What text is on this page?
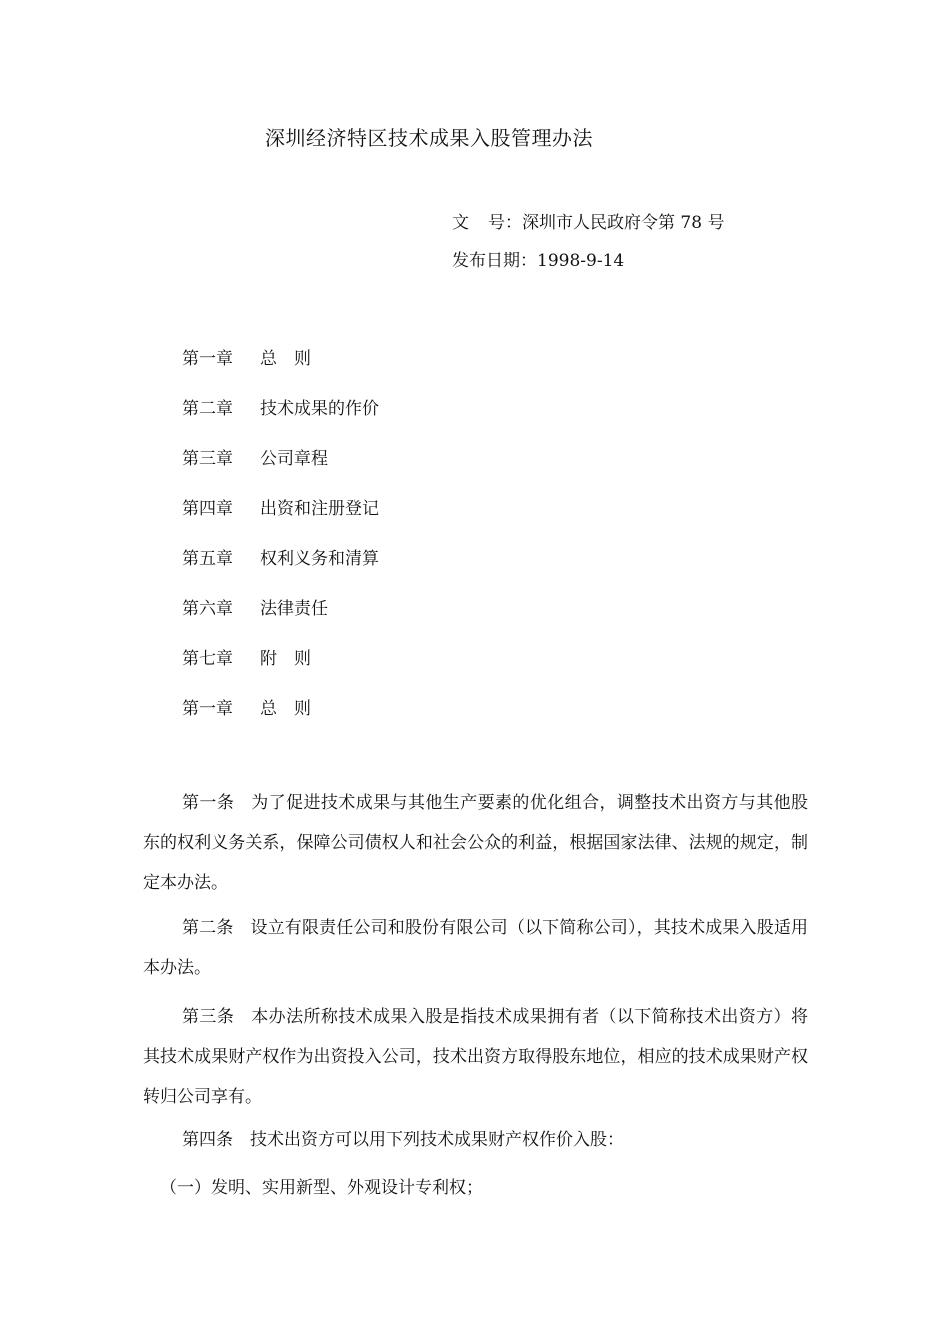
深圳经济特区技术成果入股管理办法
文 号：深圳市人民政府令第 78 号
发布日期：1998-9-14
第一章 总　则
第二章 技术成果的作价
第三章 公司章程
第四章 出资和注册登记
第五章 权利义务和清算
第六章 法律责任
第七章 附　则
第一章 总　则

第一条 为了促进技术成果与其他生产要素的优化组合，调整技术出资方与其他股东的权利义务关系，保障公司债权人和社会公众的利益，根据国家法律、法规的规定，制定本办法。

第二条 设立有限责任公司和股份有限公司（以下简称公司），其技术成果入股适用本办法。

第三条 本办法所称技术成果入股是指技术成果拥有者（以下简称技术出资方）将其技术成果财产权作为出资投入公司，技术出资方取得股东地位，相应的技术成果财产权转归公司享有。

第四条 技术出资方可以用下列技术成果财产权作价入股：

（一）发明、实用新型、外观设计专利权；
